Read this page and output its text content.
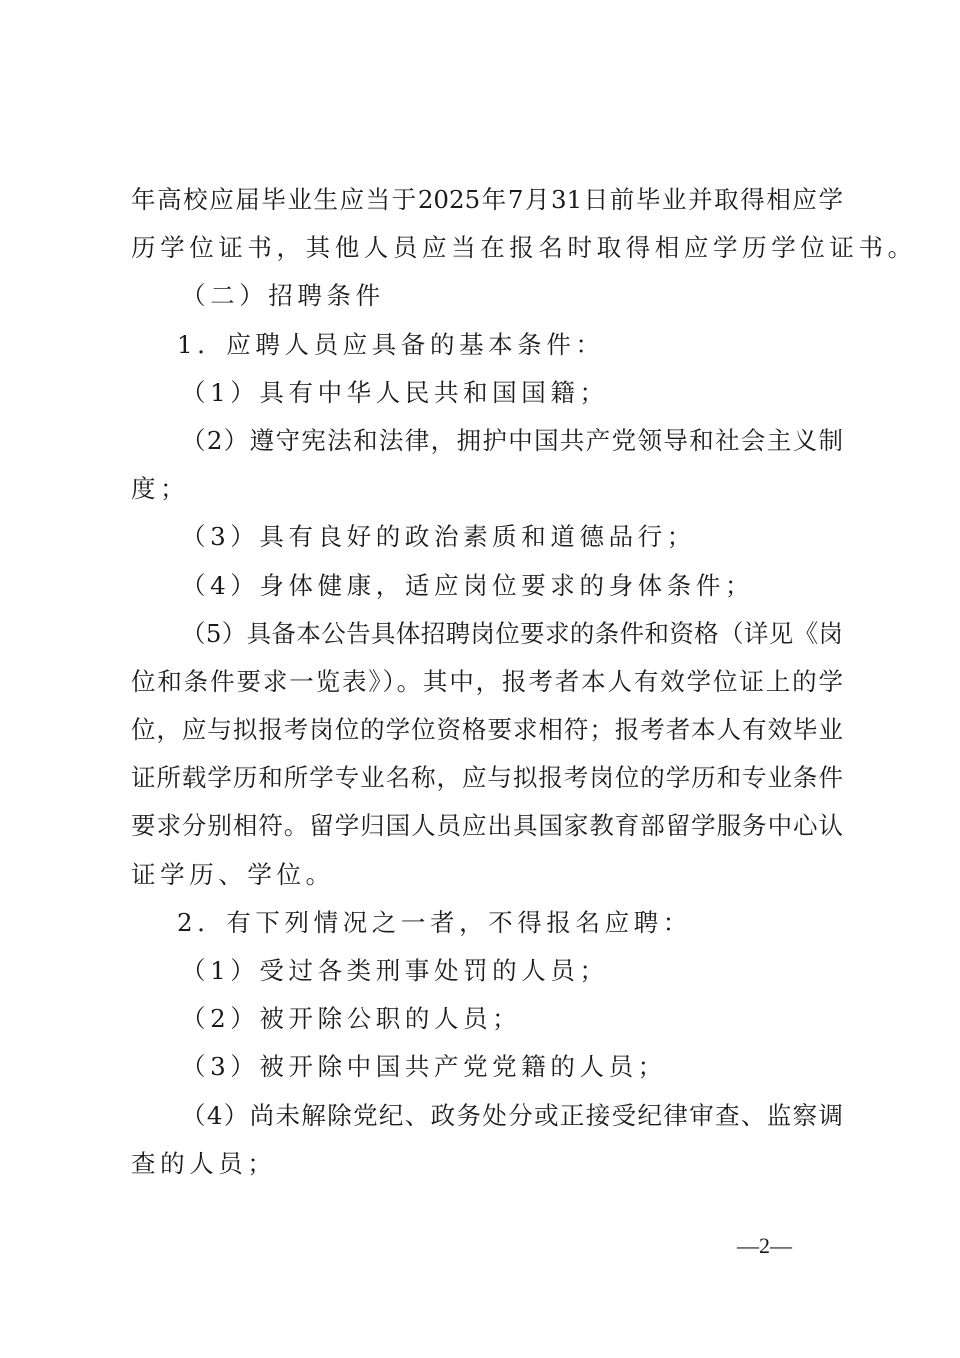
年高校应届毕业生应当于2025年7月31日前毕业并取得相应学
历学位证书，其他人员应当在报名时取得相应学历学位证书。
（二）招聘条件
1．应聘人员应具备的基本条件：
（1）具有中华人民共和国国籍；
（2）遵守宪法和法律，拥护中国共产党领导和社会主义制
度；
（3）具有良好的政治素质和道德品行；
（4）身体健康，适应岗位要求的身体条件；
（5）具备本公告具体招聘岗位要求的条件和资格（详见《岗
位和条件要求一览表》）。其中，报考者本人有效学位证上的学
位，应与拟报考岗位的学位资格要求相符；报考者本人有效毕业
证所载学历和所学专业名称，应与拟报考岗位的学历和专业条件
要求分别相符。留学归国人员应出具国家教育部留学服务中心认
证学历、学位。
2．有下列情况之一者，不得报名应聘：
（1）受过各类刑事处罚的人员；
（2）被开除公职的人员；
（3）被开除中国共产党党籍的人员；
（4）尚未解除党纪、政务处分或正接受纪律审查、监察调
查的人员；
—2—
